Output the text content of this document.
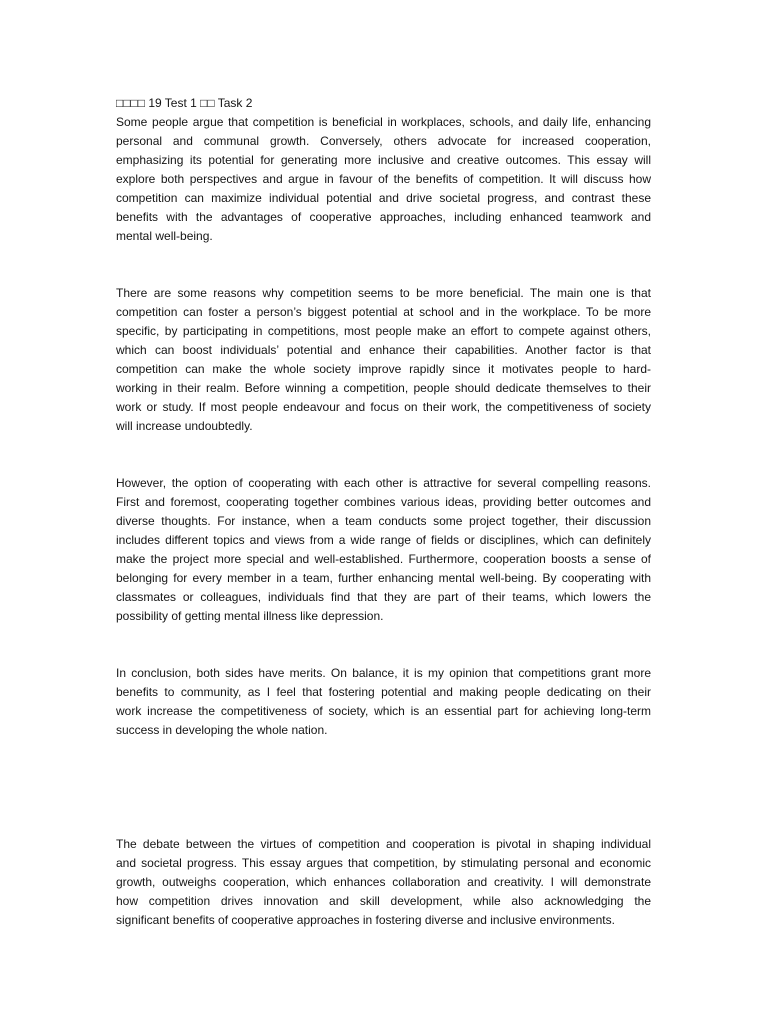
□□□□ 19 Test 1 □□ Task 2
Some people argue that competition is beneficial in workplaces, schools, and daily life, enhancing
personal and communal growth. Conversely, others advocate for increased cooperation,
emphasizing its potential for generating more inclusive and creative outcomes. This essay will
explore both perspectives and argue in favour of the benefits of competition. It will discuss how
competition can maximize individual potential and drive societal progress, and contrast these
benefits with the advantages of cooperative approaches, including enhanced teamwork and
mental well-being.
There are some reasons why competition seems to be more beneficial. The main one is that
competition can foster a person’s biggest potential at school and in the workplace. To be more
specific, by participating in competitions, most people make an effort to compete against others,
which can boost individuals’ potential and enhance their capabilities. Another factor is that
competition can make the whole society improve rapidly since it motivates people to hard-
working in their realm. Before winning a competition, people should dedicate themselves to their
work or study. If most people endeavour and focus on their work, the competitiveness of society
will increase undoubtedly.
However, the option of cooperating with each other is attractive for several compelling reasons.
First and foremost, cooperating together combines various ideas, providing better outcomes and
diverse thoughts. For instance, when a team conducts some project together, their discussion
includes different topics and views from a wide range of fields or disciplines, which can definitely
make the project more special and well-established. Furthermore, cooperation boosts a sense of
belonging for every member in a team, further enhancing mental well-being. By cooperating with
classmates or colleagues, individuals find that they are part of their teams, which lowers the
possibility of getting mental illness like depression.
In conclusion, both sides have merits. On balance, it is my opinion that competitions grant more
benefits to community, as I feel that fostering potential and making people dedicating on their
work increase the competitiveness of society, which is an essential part for achieving long-term
success in developing the whole nation.
The debate between the virtues of competition and cooperation is pivotal in shaping individual
and societal progress. This essay argues that competition, by stimulating personal and economic
growth, outweighs cooperation, which enhances collaboration and creativity. I will demonstrate
how competition drives innovation and skill development, while also acknowledging the
significant benefits of cooperative approaches in fostering diverse and inclusive environments.
